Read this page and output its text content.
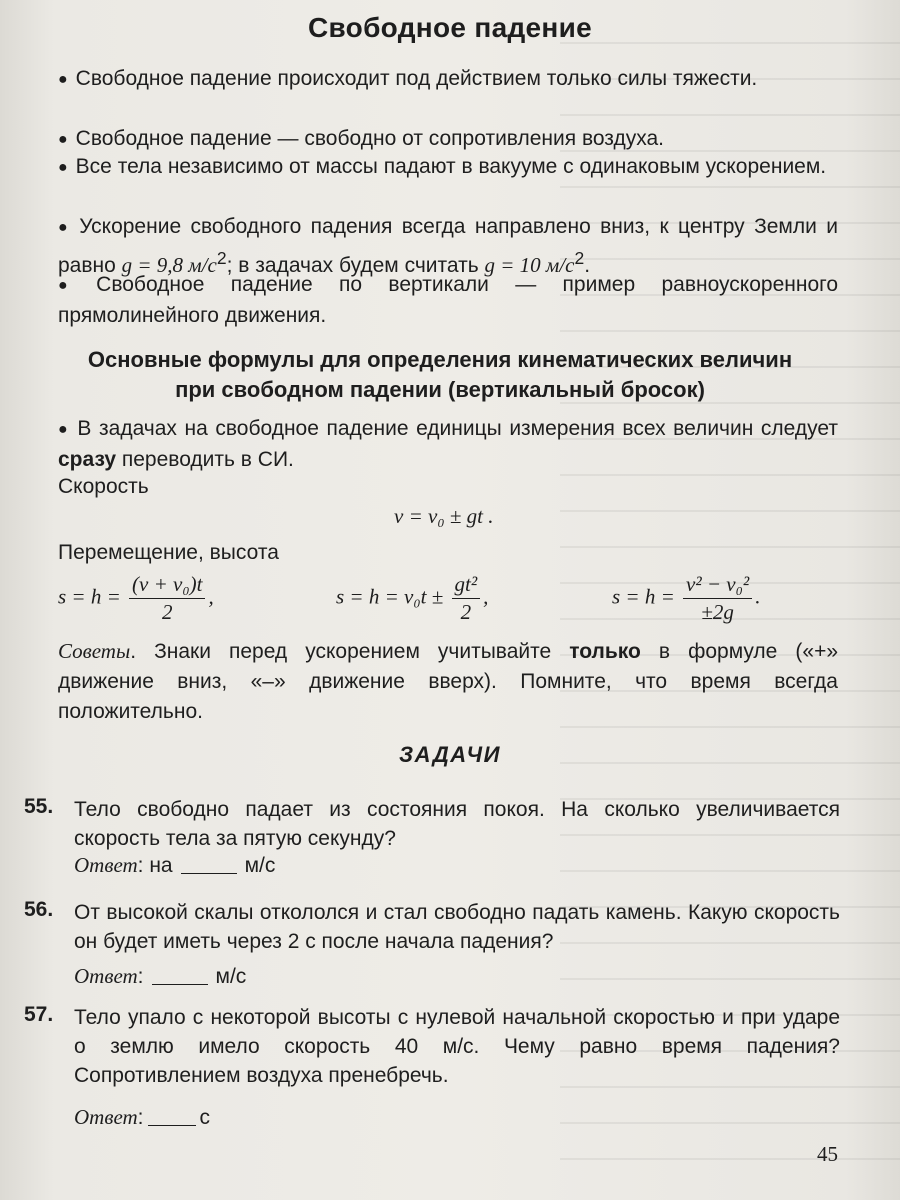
Свободное падение

● Свободное падение происходит под действием только силы тяжести.

● Свободное падение — свободно от сопротивления воздуха.

● Все тела независимо от массы падают в вакууме с одинаковым ускорением.

● Ускорение свободного падения всегда направлено вниз, к центру Земли и равно g = 9,8 $м/с^2$; в задачах будем считать g = 10 $м/с^2$.

● Свободное падение по вертикали — пример равноускоренного прямолинейного движения.

Основные формулы для определения кинематических величин
при свободном падении (вертикальный бросок)

● В задачах на свободное падение единицы измерения всех величин следует сразу переводить в СИ.

Скорость
v = v₀ ± gt .
Перемещение, высота
$s = h = \frac{\text{(v + v₀)t}}{2}$ ,	$s = h = v_0t \pm \frac{\text{gt²}}{2}$ ,	$s = h = \frac{\text{v² − v₀²}}{\pm 2g}$ .

Советы. Знаки перед ускорением учитывайте только в формуле («+» движение вниз, «–» движение вверх). Помните, что время всегда положительно.

ЗАДАЧИ
55. Тело свободно падает из состояния покоя. На сколько увеличивается скорость тела за пятую секунду?
Ответ: на	м/с
56. От высокой скалы откололся и стал свободно падать камень. Какую скорость он будет иметь через 2 с после начала падения?
Ответ:	м/с
57. Тело упало с некоторой высоты с нулевой начальной скоростью и при ударе о землю имело скорость 40 м/с. Чему равно время падения? Сопротивлением воздуха пренебречь.
Ответ:	с
45
